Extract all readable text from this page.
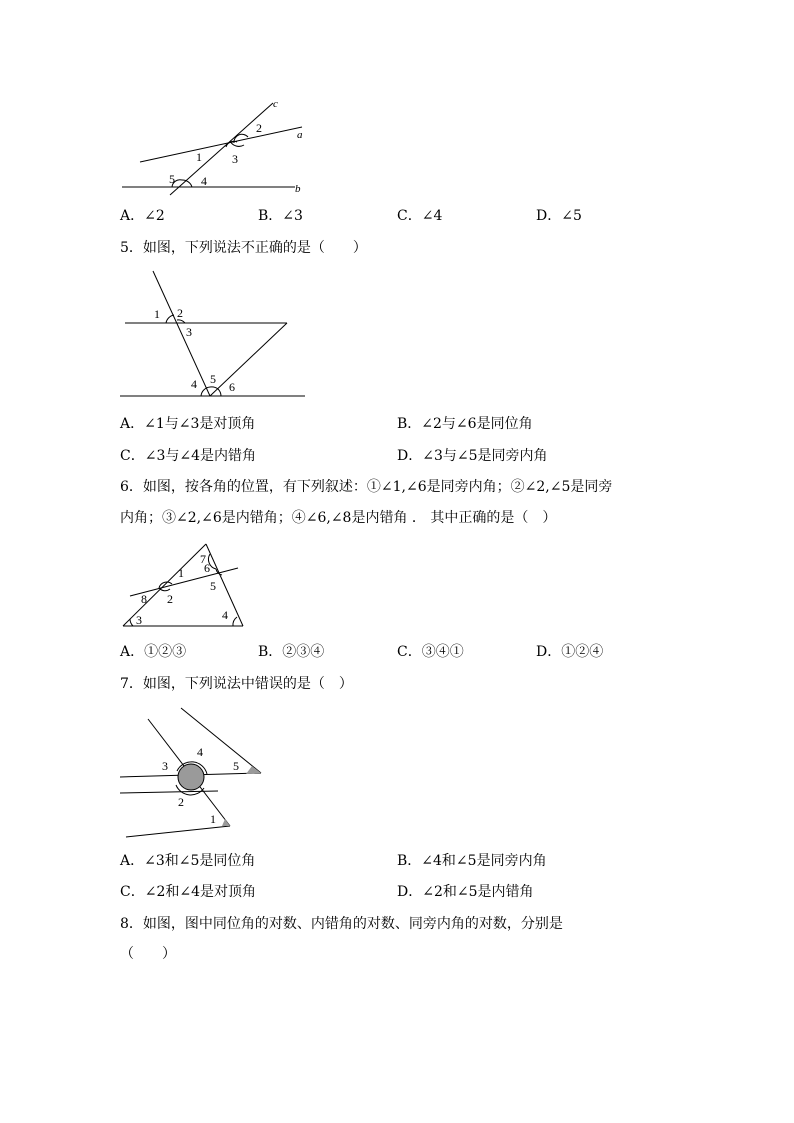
c
a
b
2
1	3
5 4
A．∠2	B．∠3	C．∠4	D．∠5
5．如图，下列说法不正确的是（　　）
1 2
3
4 5
6
A．∠1与∠3是对顶角	B．∠2与∠6是同位角
C．∠3与∠4是内错角	D．∠3与∠5是同旁内角
6．如图，按各角的位置，有下列叙述：①∠1,∠6是同旁内角；②∠2,∠5是同旁
内角；③∠2,∠6是内错角；④∠6,∠8是内错角 ． 其中正确的是（　）
1
2
3	4
5
6
7
8
A．①②③	B．②③④	C．③④①	D．①②④
7．如图，下列说法中错误的是（　）
1
2
3
4
5
A．∠3和∠5是同位角	B．∠4和∠5是同旁内角
C．∠2和∠4是对顶角	D．∠2和∠5是内错角
8．如图，图中同位角的对数、内错角的对数、同旁内角的对数，分别是
（　　）
